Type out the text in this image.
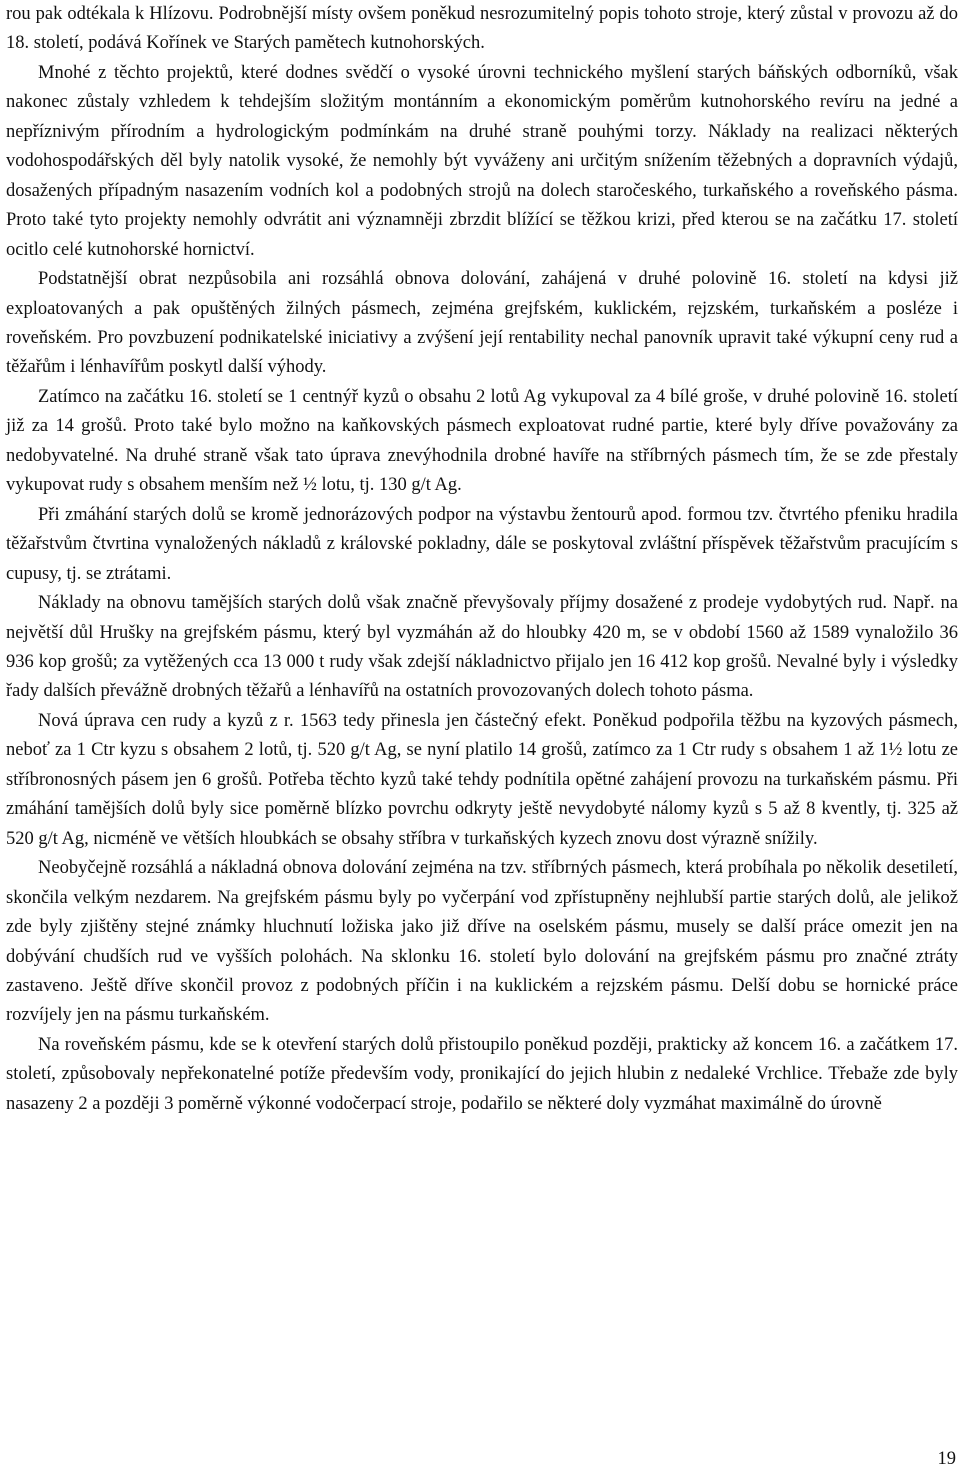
rou pak odtékala k Hlízovu. Podrobnější místy ovšem poněkud nesrozumitelný popis tohoto stroje, který zůstal v provozu až do 18. století, podává Kořínek ve Starých pamětech kutnohorských.

Mnohé z těchto projektů, které dodnes svědčí o vysoké úrovni technického myšlení starých báňských odborníků, však nakonec zůstaly vzhledem k tehdejším složitým montánním a ekonomickým poměrům kutnohorského revíru na jedné a nepříznivým přírodním a hydrologickým podmínkám na druhé straně pouhými torzy. Náklady na realizaci některých vodohospodářských děl byly natolik vysoké, že nemohly být vyváženy ani určitým snížením těžebných a dopravních výdajů, dosažených případným nasazením vodních kol a podobných strojů na dolech staročeského, turkaňského a roveňského pásma. Proto také tyto projekty nemohly odvrátit ani významněji zbrzdit blížící se těžkou krizi, před kterou se na začátku 17. století ocitlo celé kutnohorské hornictví.

Podstatnější obrat nezpůsobila ani rozsáhlá obnova dolování, zahájená v druhé polovině 16. století na kdysi již exploatovaných a pak opuštěných žilných pásmech, zejména grejfském, kuklickém, rejzském, turkaňském a posléze i roveňském. Pro povzbuzení podnikatelské iniciativy a zvýšení její rentability nechal panovník upravit také výkupní ceny rud a těžařům i lénhavířům poskytl další výhody.

Zatímco na začátku 16. století se 1 centnýř kyzů o obsahu 2 lotů Ag vykupoval za 4 bílé groše, v druhé polovině 16. století již za 14 grošů. Proto také bylo možno na kaňkovských pásmech exploatovat rudné partie, které byly dříve považovány za nedobyvatelné. Na druhé straně však tato úprava znevýhodnila drobné havíře na stříbrných pásmech tím, že se zde přestaly vykupovat rudy s obsahem menším než ½ lotu, tj. 130 g/t Ag.

Při zmáhání starých dolů se kromě jednorázových podpor na výstavbu žentourů apod. formou tzv. čtvrtého pfeniku hradila těžařstvům čtvrtina vynaložených nákladů z královské pokladny, dále se poskytoval zvláštní příspěvek těžařstvům pracujícím s cupusy, tj. se ztrátami.

Náklady na obnovu tamějších starých dolů však značně převyšovaly příjmy dosažené z prodeje vydobytých rud. Např. na největší důl Hrušky na grejfském pásmu, který byl vyzmáhán až do hloubky 420 m, se v období 1560 až 1589 vynaložilo 36 936 kop grošů; za vytěžených cca 13 000 t rudy však zdejší nákladnictvo přijalo jen 16 412 kop grošů. Nevalné byly i výsledky řady dalších převážně drobných těžařů a lénhavířů na ostatních provozovaných dolech tohoto pásma.

Nová úprava cen rudy a kyzů z r. 1563 tedy přinesla jen částečný efekt. Poněkud podpořila těžbu na kyzových pásmech, neboť za 1 Ctr kyzu s obsahem 2 lotů, tj. 520 g/t Ag, se nyní platilo 14 grošů, zatímco za 1 Ctr rudy s obsahem 1 až 1½ lotu ze stříbronosných pásem jen 6 grošů. Potřeba těchto kyzů také tehdy podnítila opětné zahájení provozu na turkaňském pásmu. Při zmáhání tamějších dolů byly sice poměrně blízko povrchu odkryty ještě nevydobyté nálomy kyzů s 5 až 8 kvently, tj. 325 až 520 g/t Ag, nicméně ve větších hloubkách se obsahy stříbra v turkaňských kyzech znovu dost výrazně snížily.

Neobyčejně rozsáhlá a nákladná obnova dolování zejména na tzv. stříbrných pásmech, která probíhala po několik desetiletí, skončila velkým nezdarem. Na grejfském pásmu byly po vyčerpání vod zpřístupněny nejhlubší partie starých dolů, ale jelikož zde byly zjištěny stejné známky hluchnutí ložiska jako již dříve na oselském pásmu, musely se další práce omezit jen na dobývání chudších rud ve vyšších polohách. Na sklonku 16. století bylo dolování na grejfském pásmu pro značné ztráty zastaveno. Ještě dříve skončil provoz z podobných příčin i na kuklickém a rejzském pásmu. Delší dobu se hornické práce rozvíjely jen na pásmu turkaňském.

Na roveňském pásmu, kde se k otevření starých dolů přistoupilo poněkud později, prakticky až koncem 16. a začátkem 17. století, způsobovaly nepřekonatelné potíže především vody, pronikající do jejich hlubin z nedaleké Vrchlice. Třebaže zde byly nasazeny 2 a později 3 poměrně výkonné vodočerpací stroje, podařilo se některé doly vyzmáhat maximálně do úrovně

19
